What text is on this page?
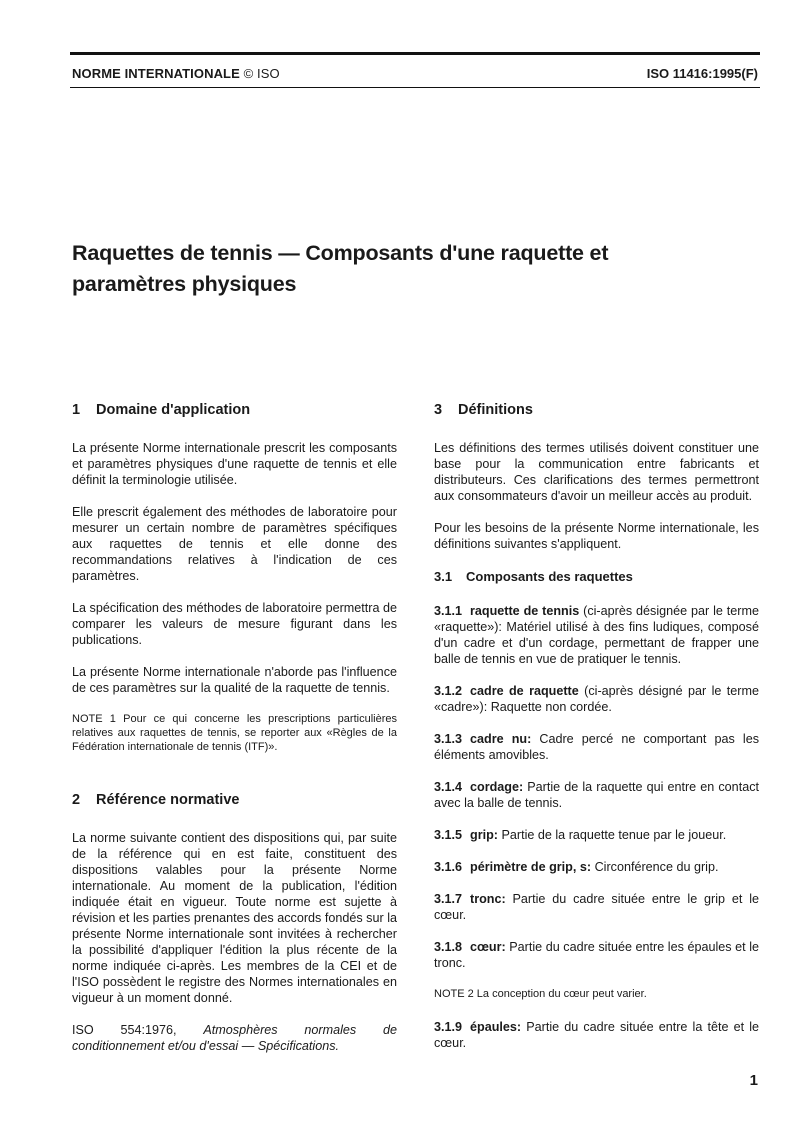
NORME INTERNATIONALE © ISO	ISO 11416:1995(F)
Raquettes de tennis — Composants d'une raquette et
paramètres physiques
1 Domaine d'application

La présente Norme internationale prescrit les composants et paramètres physiques d'une raquette de tennis et elle définit la terminologie utilisée.

Elle prescrit également des méthodes de laboratoire pour mesurer un certain nombre de paramètres spécifiques aux raquettes de tennis et elle donne des recommandations relatives à l'indication de ces paramètres.

La spécification des méthodes de laboratoire permettra de comparer les valeurs de mesure figurant dans les publications.

La présente Norme internationale n'aborde pas l'influence de ces paramètres sur la qualité de la raquette de tennis.

NOTE 1 Pour ce qui concerne les prescriptions particulières relatives aux raquettes de tennis, se reporter aux «Règles de la Fédération internationale de tennis (ITF)».

2 Référence normative

La norme suivante contient des dispositions qui, par suite de la référence qui en est faite, constituent des dispositions valables pour la présente Norme internationale. Au moment de la publication, l'édition indiquée était en vigueur. Toute norme est sujette à révision et les parties prenantes des accords fondés sur la présente Norme internationale sont invitées à rechercher la possibilité d'appliquer l'édition la plus récente de la norme indiquée ci-après. Les membres de la CEI et de l'ISO possèdent le registre des Normes internationales en vigueur à un moment donné.

ISO 554:1976, Atmosphères normales de conditionnement et/ou d'essai — Spécifications.

3 Définitions

Les définitions des termes utilisés doivent constituer une base pour la communication entre fabricants et distributeurs. Ces clarifications des termes permettront aux consommateurs d'avoir un meilleur accès au produit.

Pour les besoins de la présente Norme internationale, les définitions suivantes s'appliquent.

3.1 Composants des raquettes

3.1.1 raquette de tennis (ci-après désignée par le terme «raquette»): Matériel utilisé à des fins ludiques, composé d'un cadre et d'un cordage, permettant de frapper une balle de tennis en vue de pratiquer le tennis.

3.1.2 cadre de raquette (ci-après désigné par le terme «cadre»): Raquette non cordée.

3.1.3 cadre nu: Cadre percé ne comportant pas les éléments amovibles.

3.1.4 cordage: Partie de la raquette qui entre en contact avec la balle de tennis.

3.1.5 grip: Partie de la raquette tenue par le joueur.

3.1.6 périmètre de grip, s: Circonférence du grip.

3.1.7 tronc: Partie du cadre située entre le grip et le cœur.

3.1.8 cœur: Partie du cadre située entre les épaules et le tronc.

NOTE 2 La conception du cœur peut varier.

3.1.9 épaules: Partie du cadre située entre la tête et le cœur.

1
